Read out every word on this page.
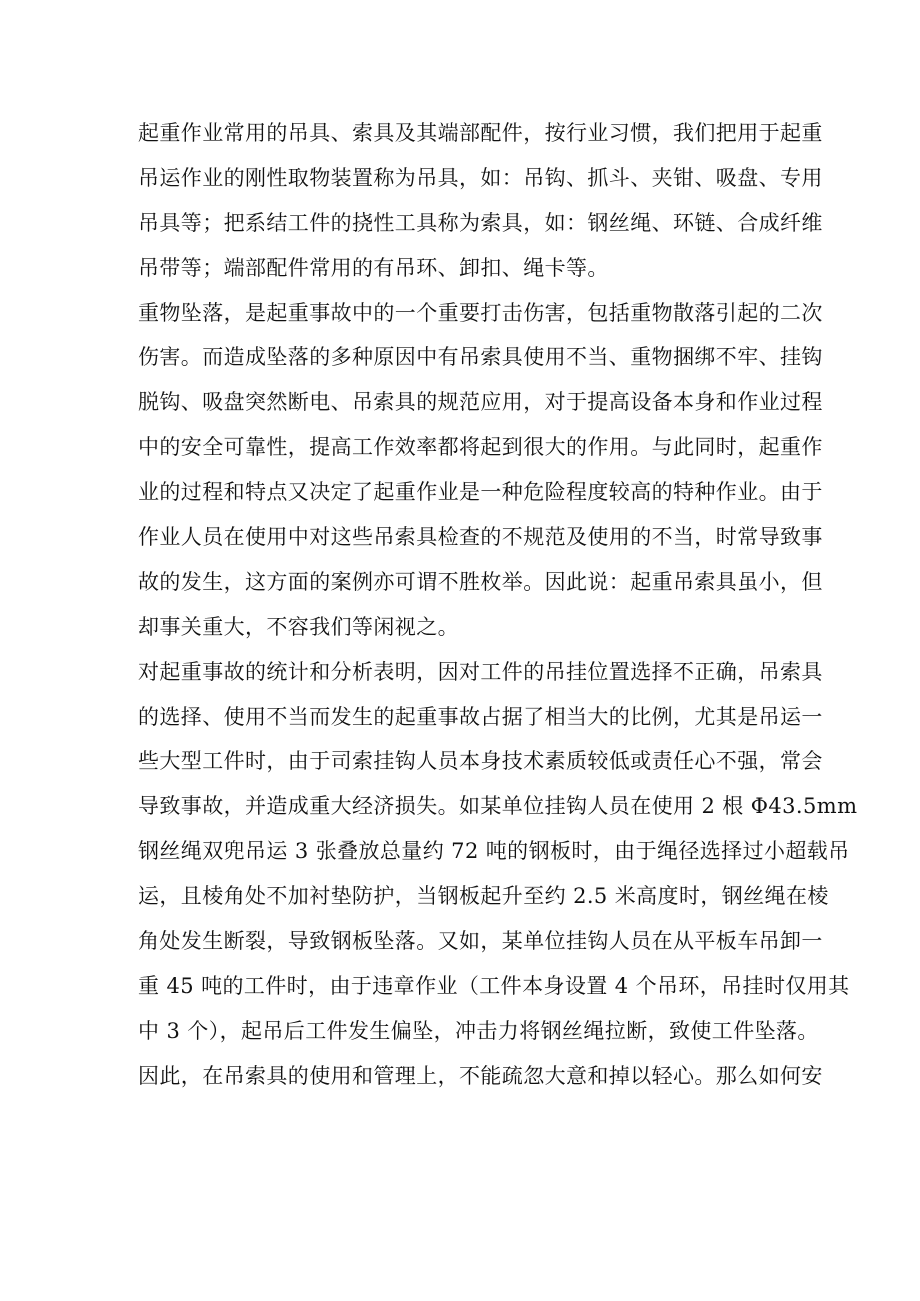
起重作业常用的吊具、索具及其端部配件，按行业习惯，我们把用于起重
吊运作业的刚性取物装置称为吊具，如：吊钩、抓斗、夹钳、吸盘、专用
吊具等；把系结工件的挠性工具称为索具，如：钢丝绳、环链、合成纤维
吊带等；端部配件常用的有吊环、卸扣、绳卡等。
重物坠落，是起重事故中的一个重要打击伤害，包括重物散落引起的二次
伤害。而造成坠落的多种原因中有吊索具使用不当、重物捆绑不牢、挂钩
脱钩、吸盘突然断电、吊索具的规范应用，对于提高设备本身和作业过程
中的安全可靠性，提高工作效率都将起到很大的作用。与此同时，起重作
业的过程和特点又决定了起重作业是一种危险程度较高的特种作业。由于
作业人员在使用中对这些吊索具检查的不规范及使用的不当，时常导致事
故的发生，这方面的案例亦可谓不胜枚举。因此说：起重吊索具虽小，但
却事关重大，不容我们等闲视之。
对起重事故的统计和分析表明，因对工件的吊挂位置选择不正确，吊索具
的选择、使用不当而发生的起重事故占据了相当大的比例，尤其是吊运一
些大型工件时，由于司索挂钩人员本身技术素质较低或责任心不强，常会
导致事故，并造成重大经济损失。如某单位挂钩人员在使用 2 根 Φ43.5mm
钢丝绳双兜吊运 3 张叠放总量约 72 吨的钢板时，由于绳径选择过小超载吊
运，且棱角处不加衬垫防护，当钢板起升至约 2.5 米高度时，钢丝绳在棱
角处发生断裂，导致钢板坠落。又如，某单位挂钩人员在从平板车吊卸一
重 45 吨的工件时，由于违章作业（工件本身设置 4 个吊环，吊挂时仅用其
中 3 个），起吊后工件发生偏坠，冲击力将钢丝绳拉断，致使工件坠落。
因此，在吊索具的使用和管理上，不能疏忽大意和掉以轻心。那么如何安
